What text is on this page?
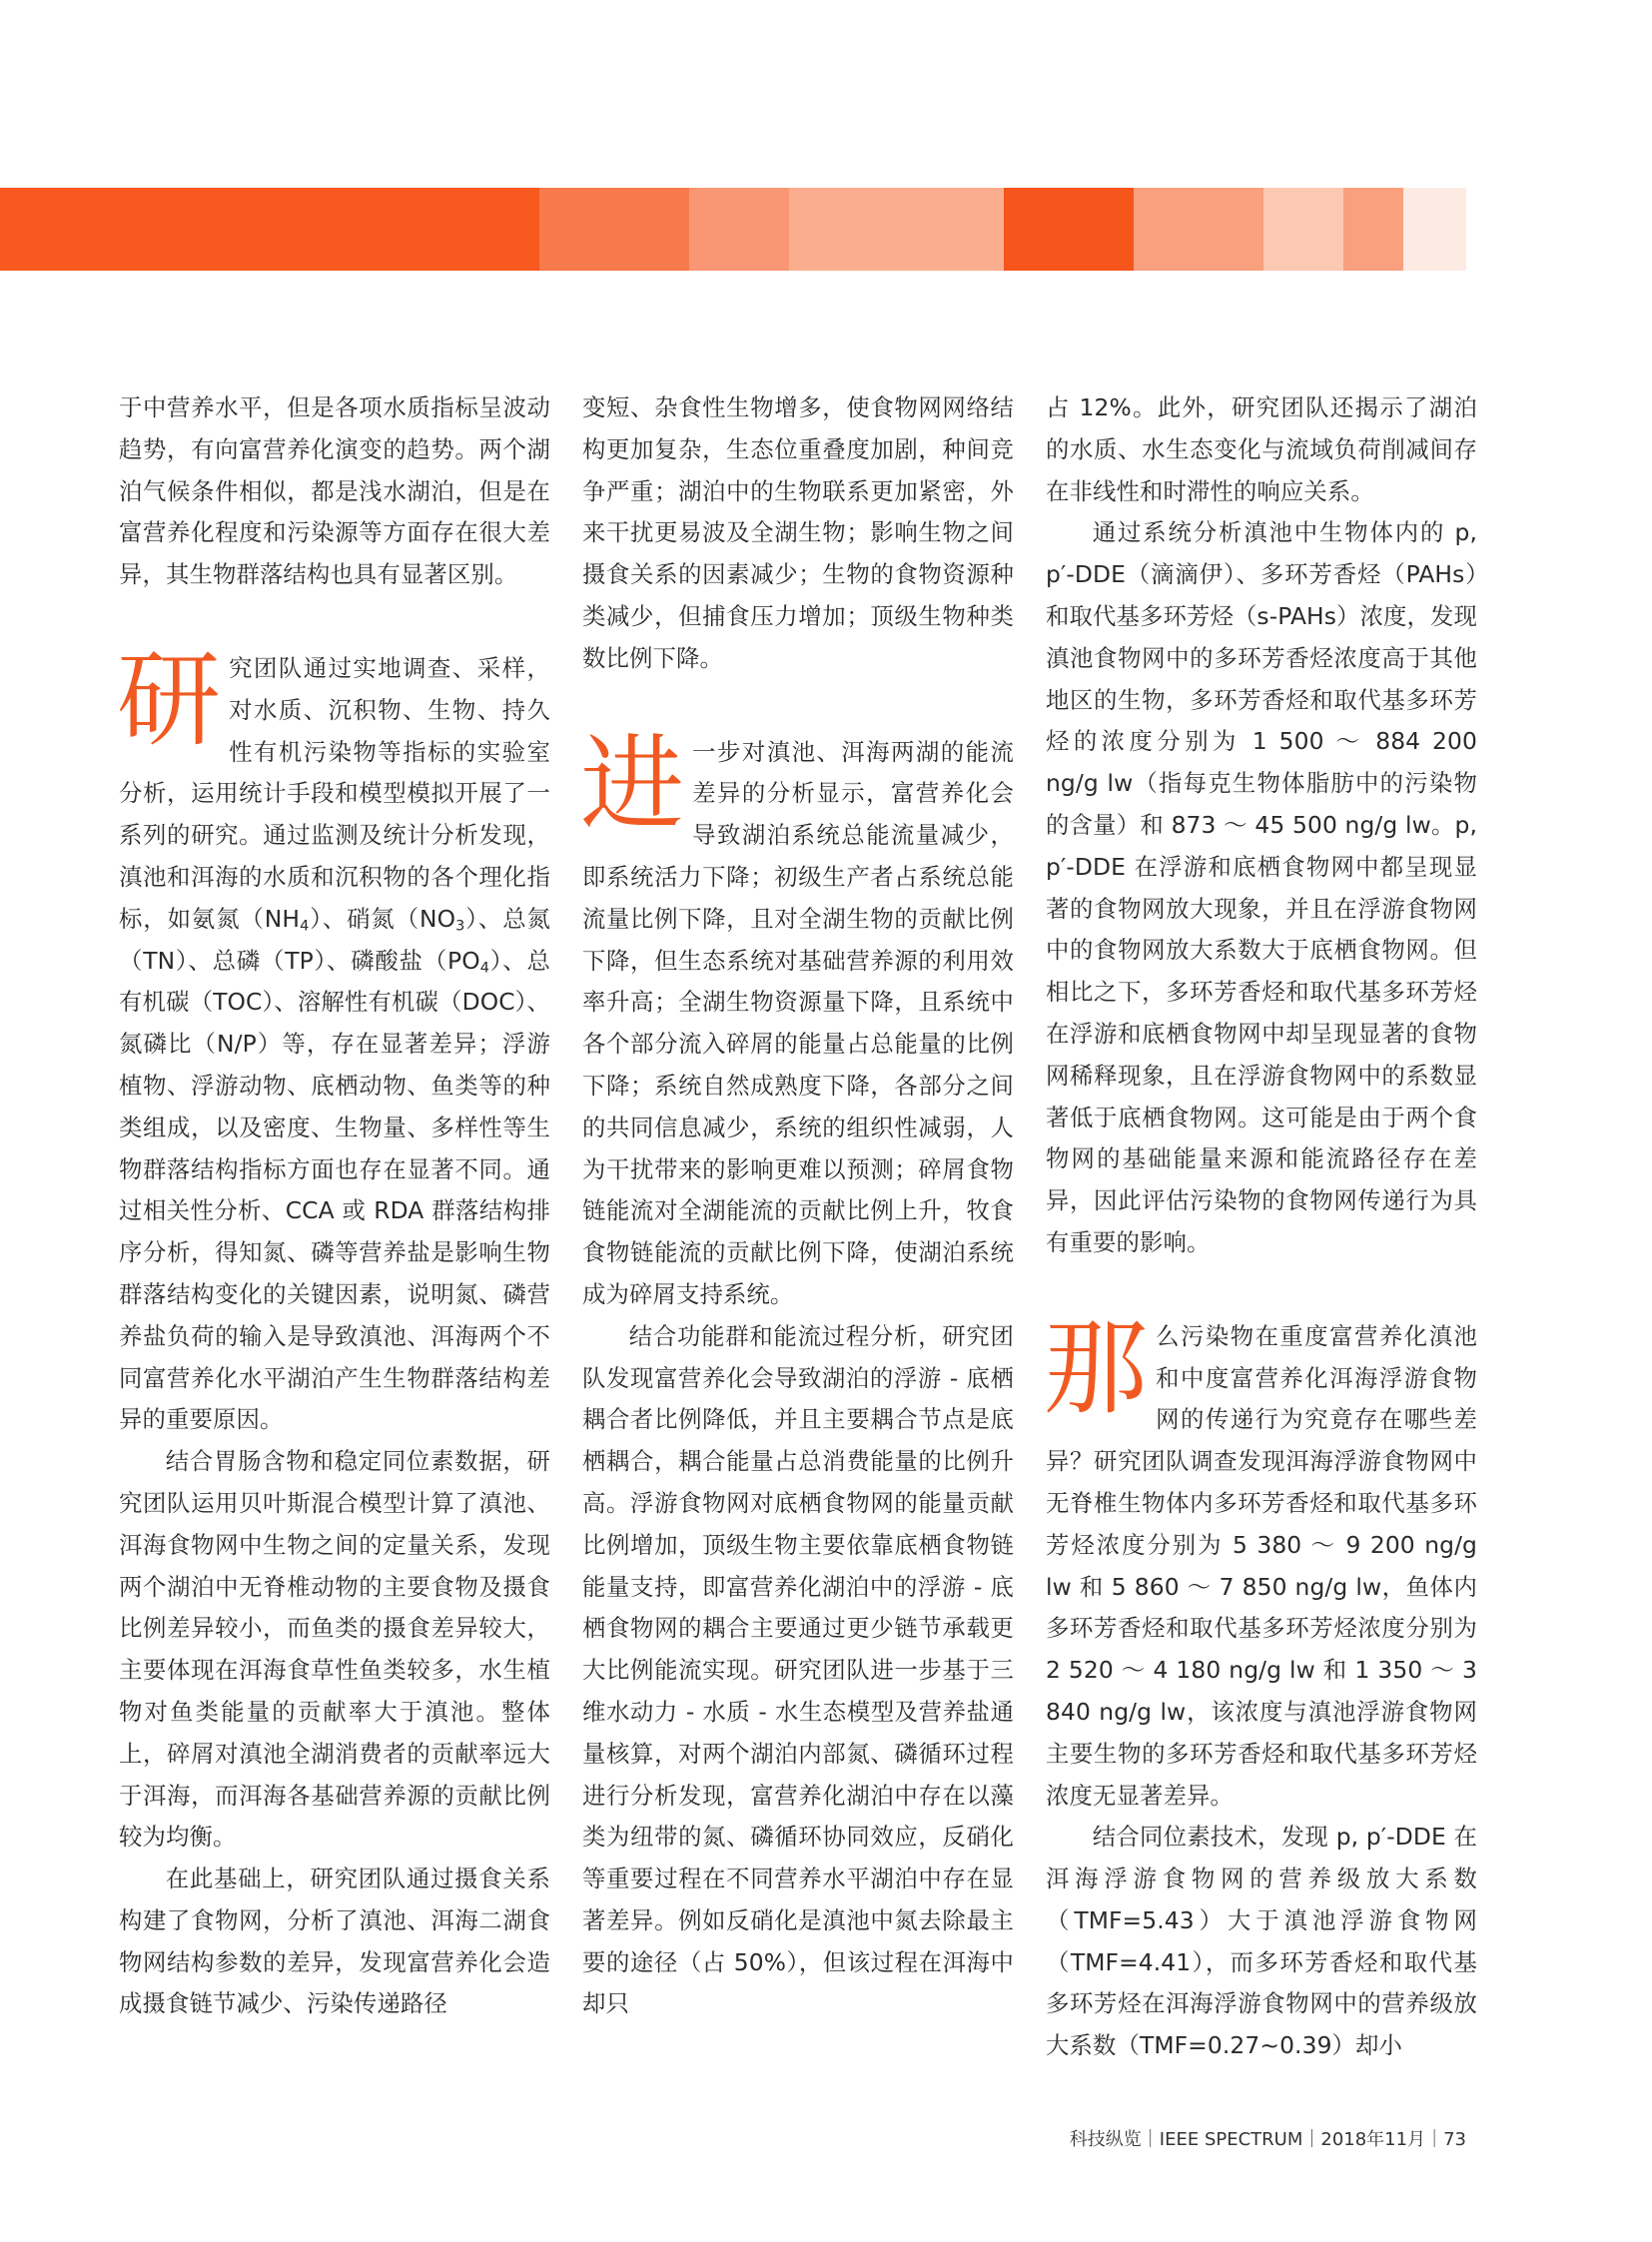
于中营养水平，但是各项水质指标呈波动趋势，有向富营养化演变的趋势。两个湖泊气候条件相似，都是浅水湖泊，但是在富营养化程度和污染源等方面存在很大差异，其生物群落结构也具有显著区别。

研究团队通过实地调查、采样，对水质、沉积物、生物、持久性有机污染物等指标的实验室分析，运用统计手段和模型模拟开展了一系列的研究。通过监测及统计分析发现，滇池和洱海的水质和沉积物的各个理化指标，如氨氮$(NH_4)$、硝氮$(NO_3)$、总氮（TN）、总磷（TP）、磷酸盐$(PO_4)$、总有机碳（TOC）、溶解性有机碳（DOC）、氮磷比（N/P）等，存在显著差异；浮游植物、浮游动物、底栖动物、鱼类等的种类组成，以及密度、生物量、多样性等生物群落结构指标方面也存在显著不同。通过相关性分析、CCA 或 RDA 群落结构排序分析，得知氮、磷等营养盐是影响生物群落结构变化的关键因素，说明氮、磷营养盐负荷的输入是导致滇池、洱海两个不同富营养化水平湖泊产生生物群落结构差异的重要原因。

结合胃肠含物和稳定同位素数据，研究团队运用贝叶斯混合模型计算了滇池、洱海食物网中生物之间的定量关系，发现两个湖泊中无脊椎动物的主要食物及摄食比例差异较小，而鱼类的摄食差异较大，主要体现在洱海食草性鱼类较多，水生植物对鱼类能量的贡献率大于滇池。整体上，碎屑对滇池全湖消费者的贡献率远大于洱海，而洱海各基础营养源的贡献比例较为均衡。

在此基础上，研究团队通过摄食关系构建了食物网，分析了滇池、洱海二湖食物网结构参数的差异，发现富营养化会造成摄食链节减少、污染传递路径

变短、杂食性生物增多，使食物网网络结构更加复杂，生态位重叠度加剧，种间竞争严重；湖泊中的生物联系更加紧密，外来干扰更易波及全湖生物；影响生物之间摄食关系的因素减少；生物的食物资源种类减少，但捕食压力增加；顶级生物种类数比例下降。

进一步对滇池、洱海两湖的能流差异的分析显示，富营养化会导致湖泊系统总能流量减少，即系统活力下降；初级生产者占系统总能流量比例下降，且对全湖生物的贡献比例下降，但生态系统对基础营养源的利用效率升高；全湖生物资源量下降，且系统中各个部分流入碎屑的能量占总能量的比例下降；系统自然成熟度下降，各部分之间的共同信息减少，系统的组织性减弱，人为干扰带来的影响更难以预测；碎屑食物链能流对全湖能流的贡献比例上升，牧食食物链能流的贡献比例下降，使湖泊系统成为碎屑支持系统。

结合功能群和能流过程分析，研究团队发现富营养化会导致湖泊的浮游 - 底栖耦合者比例降低，并且主要耦合节点是底栖耦合，耦合能量占总消费能量的比例升高。浮游食物网对底栖食物网的能量贡献比例增加，顶级生物主要依靠底栖食物链能量支持，即富营养化湖泊中的浮游 - 底栖食物网的耦合主要通过更少链节承载更大比例能流实现。研究团队进一步基于三维水动力 - 水质 - 水生态模型及营养盐通量核算，对两个湖泊内部氮、磷循环过程进行分析发现，富营养化湖泊中存在以藻类为纽带的氮、磷循环协同效应，反硝化等重要过程在不同营养水平湖泊中存在显著差异。例如反硝化是滇池中氮去除最主要的途径（占 50%），但该过程在洱海中却只

占 12%。此外，研究团队还揭示了湖泊的水质、水生态变化与流域负荷削减间存在非线性和时滞性的响应关系。

通过系统分析滇池中生物体内的 p, p′-DDE（滴滴伊）、多环芳香烃（PAHs）和取代基多环芳烃（s-PAHs）浓度，发现滇池食物网中的多环芳香烃浓度高于其他地区的生物，多环芳香烃和取代基多环芳烃的浓度分别为 1 500 ～ 884 200 ng/g lw（指每克生物体脂肪中的污染物的含量）和 873 ～ 45 500 ng/g lw。p, p′-DDE 在浮游和底栖食物网中都呈现显著的食物网放大现象，并且在浮游食物网中的食物网放大系数大于底栖食物网。但相比之下，多环芳香烃和取代基多环芳烃在浮游和底栖食物网中却呈现显著的食物网稀释现象，且在浮游食物网中的系数显著低于底栖食物网。这可能是由于两个食物网的基础能量来源和能流路径存在差异，因此评估污染物的食物网传递行为具有重要的影响。

那么污染物在重度富营养化滇池和中度富营养化洱海浮游食物网的传递行为究竟存在哪些差异？研究团队调查发现洱海浮游食物网中无脊椎生物体内多环芳香烃和取代基多环芳烃浓度分别为 5 380 ～ 9 200 ng/g lw 和 5 860 ～ 7 850 ng/g lw，鱼体内多环芳香烃和取代基多环芳烃浓度分别为 2 520 ～ 4 180 ng/g lw 和 1 350 ～ 3 840 ng/g lw，该浓度与滇池浮游食物网主要生物的多环芳香烃和取代基多环芳烃浓度无显著差异。

结合同位素技术，发现 p, p′-DDE 在洱海浮游食物网的营养级放大系数（TMF=5.43）大于滇池浮游食物网（TMF=4.41），而多环芳香烃和取代基多环芳烃在洱海浮游食物网中的营养级放大系数（TMF=0.27~0.39）却小

科技纵览｜IEEE SPECTRUM｜2018年11月｜73
